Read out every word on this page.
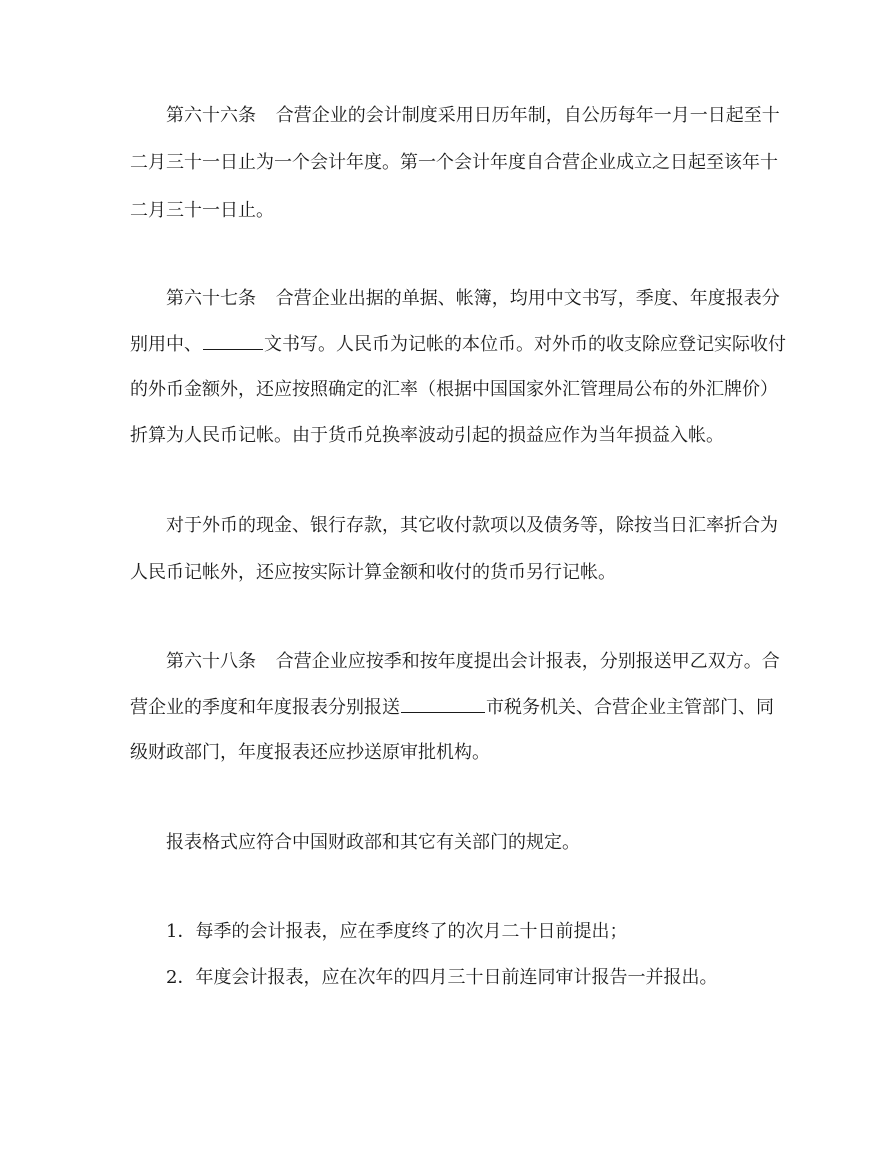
第六十六条　  合营企业的会计制度采用日历年制，自公历每年一月一日起至十
二月三十一日止为一个会计年度。第一个会计年度自合营企业成立之日起至该年十
二月三十一日止。
第六十七条　  合营企业出据的单据、帐簿，均用中文书写，季度、年度报表分
别用中、	文书写。人民币为记帐的本位币。对外币的收支除应登记实际收付
的外币金额外，还应按照确定的汇率（根据中国国家外汇管理局公布的外汇牌价）
折算为人民币记帐。由于货币兑换率波动引起的损益应作为当年损益入帐。
对于外币的现金、银行存款，其它收付款项以及债务等，除按当日汇率折合为
人民币记帐外，还应按实际计算金额和收付的货币另行记帐。
第六十八条　  合营企业应按季和按年度提出会计报表，分别报送甲乙双方。合
营企业的季度和年度报表分别报送	市税务机关、合营企业主管部门、同
级财政部门，年度报表还应抄送原审批机构。
报表格式应符合中国财政部和其它有关部门的规定。
1．每季的会计报表，应在季度终了的次月二十日前提出；
2．年度会计报表，应在次年的四月三十日前连同审计报告一并报出。
